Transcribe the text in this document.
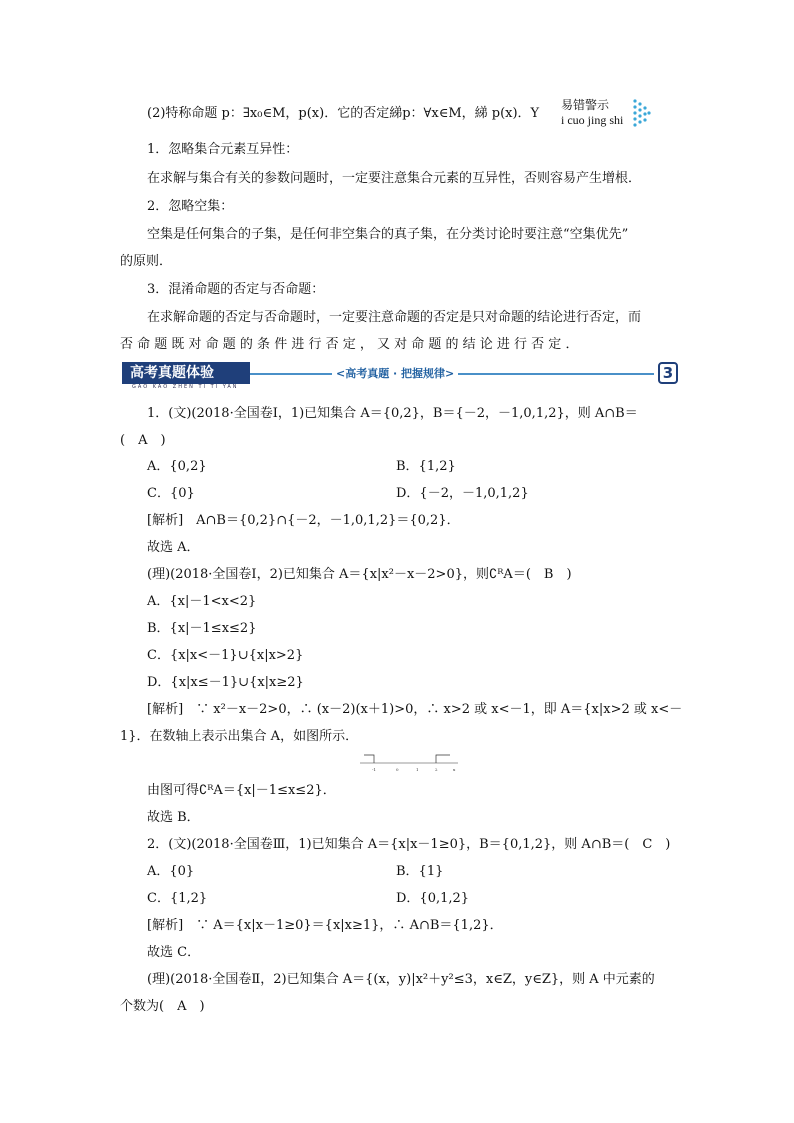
(2)特称命题 p：∃x₀∈M，p(x)．它的否定綈p：∀x∈M，綈 p(x)．Y
易错警示
i cuo jing shi
1．忽略集合元素互异性：
在求解与集合有关的参数问题时，一定要注意集合元素的互异性，否则容易产生增根．
2．忽略空集：
空集是任何集合的子集，是任何非空集合的真子集，在分类讨论时要注意“空集优先”
的原则．
3．混淆命题的否定与否命题：
在求解命题的否定与否命题时，一定要注意命题的否定是只对命题的结论进行否定，而
否 命 题 既 对 命 题 的 条 件 进 行 否 定 ， 又 对 命 题 的 结 论 进 行 否 定 ．
高考真题体验
GAO KAO ZHEN TI TI YAN
<高考真题 · 把握规律>	3
1．(文)(2018·全国卷Ⅰ，1)已知集合 A＝{0,2}，B＝{－2，－1,0,1,2}，则 A∩B＝
(　A　)
A．{0,2}	B．{1,2}
C．{0}	D．{－2，－1,0,1,2}
[解析]　A∩B＝{0,2}∩{－2，－1,0,1,2}＝{0,2}．
故选 A．
(理)(2018·全国卷Ⅰ，2)已知集合 A＝{x|x²－x－2>0}，则∁ᴿA＝(　B　)
A．{x|－1<x<2}
B．{x|－1≤x≤2}
C．{x|x<－1}∪{x|x>2}
D．{x|x≤－1}∪{x|x≥2}
[解析]　∵ x²－x－2>0，∴ (x－2)(x＋1)>0，∴ x>2 或 x<－1，即 A＝{x|x>2 或 x<－
1}．在数轴上表示出集合 A，如图所示．
-1	0	1	2	x
由图可得∁ᴿA＝{x|－1≤x≤2}．
故选 B．
2．(文)(2018·全国卷Ⅲ，1)已知集合 A＝{x|x－1≥0}，B＝{0,1,2}，则 A∩B＝(　C　)
A．{0}	B．{1}
C．{1,2}	D．{0,1,2}
[解析]　∵ A＝{x|x－1≥0}＝{x|x≥1}，∴ A∩B＝{1,2}．
故选 C．
(理)(2018·全国卷Ⅱ，2)已知集合 A＝{(x，y)|x²＋y²≤3，x∈Z，y∈Z}，则 A 中元素的
个数为(　A　)
